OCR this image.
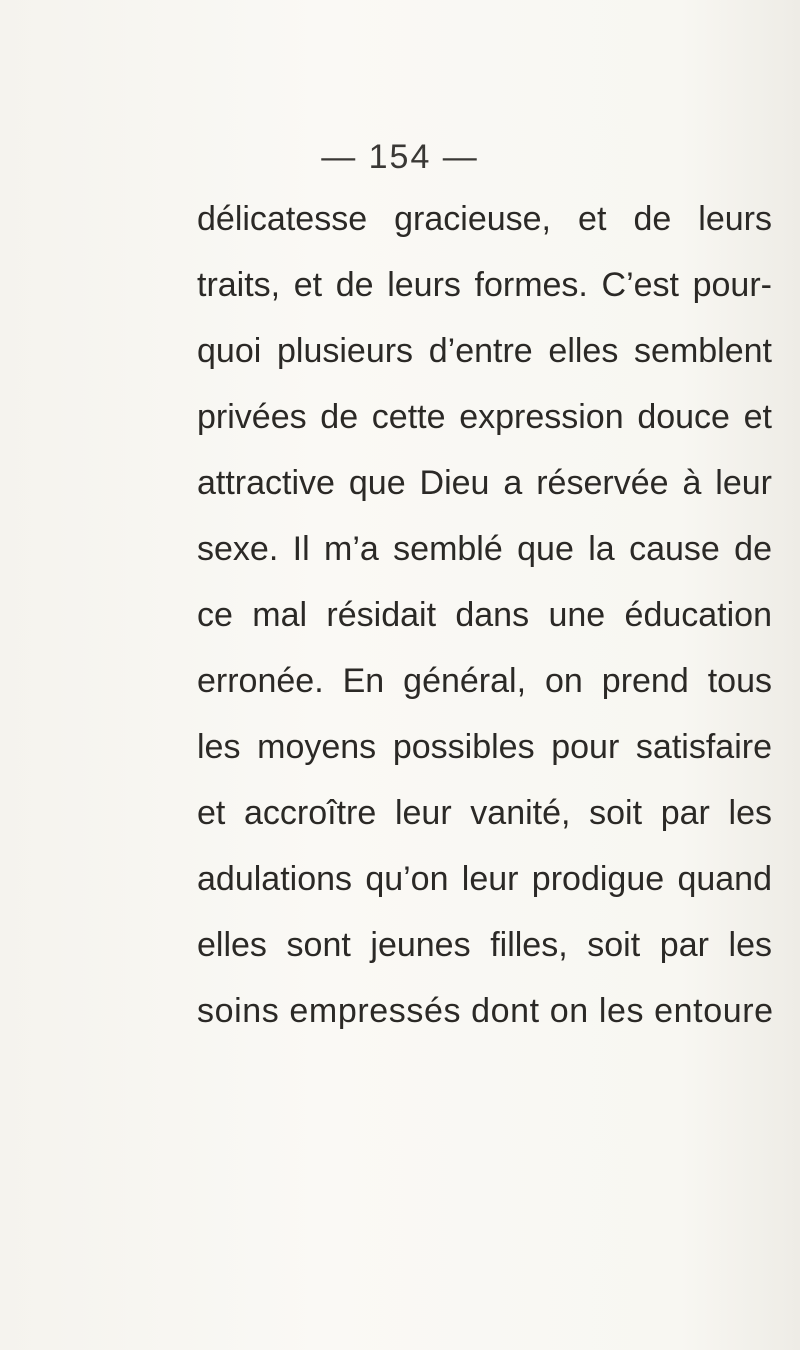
— 154 —
délicatesse gracieuse, et de leurs
traits, et de leurs formes. C’est pour-
quoi plusieurs d’entre elles semblent
privées de cette expression douce et
attractive que Dieu a réservée à leur
sexe. Il m’a semblé que la cause de
ce mal résidait dans une éducation
erronée. En général, on prend tous
les moyens possibles pour satisfaire
et accroître leur vanité, soit par les
adulations qu’on leur prodigue quand
elles sont jeunes filles, soit par les
soins empressés dont on les entoure
